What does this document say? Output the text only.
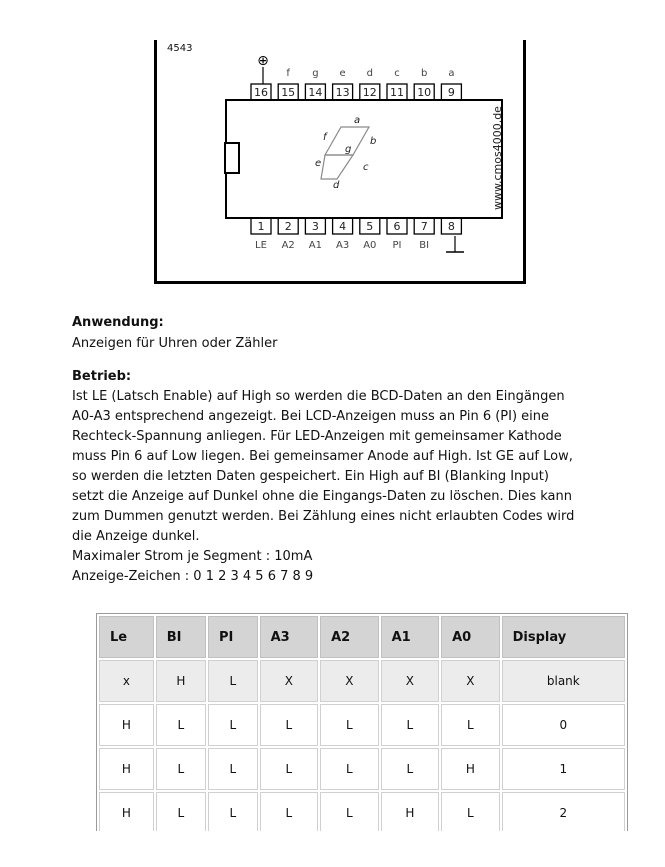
4543
16 15
f
14
g
13
e
12
d
11
c
10
b
9
a
1
LE
2
A2
3
A1
4
A3
5
A0
6
PI
7
BI
8
⊕
a
b
c
d
e
f
g	www.cmos4000.de
Anwendung:

Anzeigen für Uhren oder Zähler

Betrieb:
Ist LE (Latsch Enable) auf High so werden die BCD-Daten an den Eingängen
A0-A3 entsprechend angezeigt. Bei LCD-Anzeigen muss an Pin 6 (PI) eine
Rechteck-Spannung anliegen. Für LED-Anzeigen mit gemeinsamer Kathode
muss Pin 6 auf Low liegen. Bei gemeinsamer Anode auf High. Ist GE auf Low,
so werden die letzten Daten gespeichert. Ein High auf BI (Blanking Input)
setzt die Anzeige auf Dunkel ohne die Eingangs-Daten zu löschen. Dies kann
zum Dummen genutzt werden. Bei Zählung eines nicht erlaubten Codes wird
die Anzeige dunkel.
Maximaler Strom je Segment : 10mA
Anzeige-Zeichen : 0 1 2 3 4 5 6 7 8 9
Le	BI	PI	A3	A2	A1	A0	Display
x	H	L	X	X	X	X	blank
H	L	L	L	L	L	L	0
H	L	L	L	L	L	H	1
H	L	L	L	L	H	L	2
